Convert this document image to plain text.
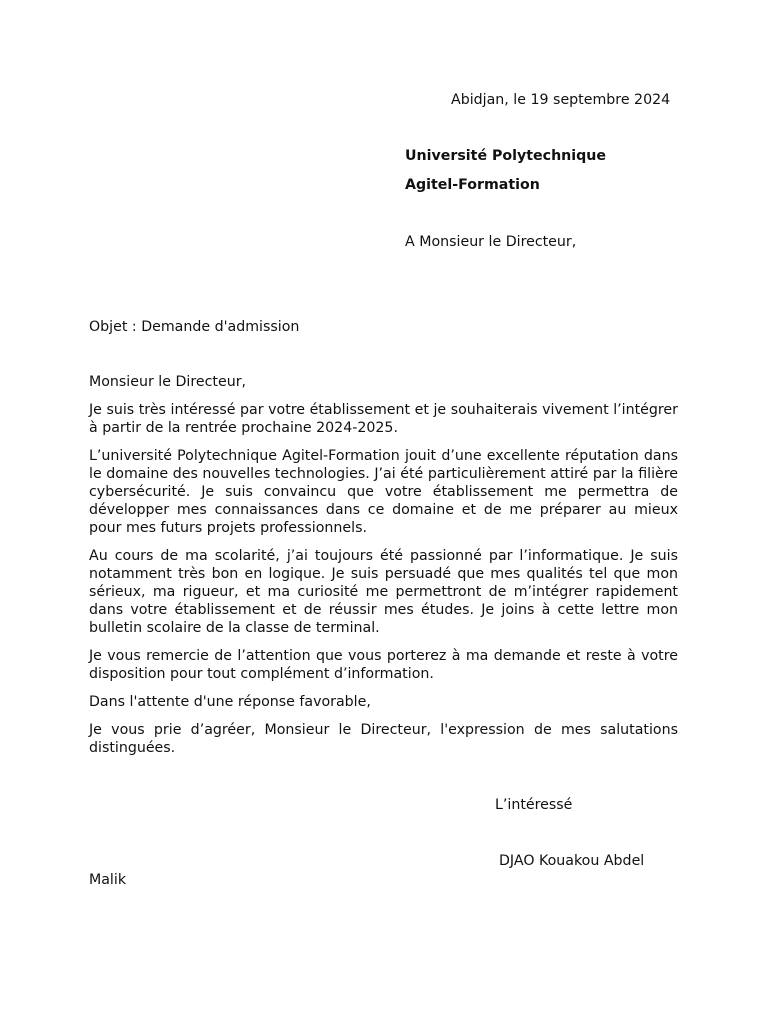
Abidjan, le 19 septembre 2024
Université Polytechnique
Agitel-Formation
A Monsieur le Directeur,
Objet : Demande d'admission

Monsieur le Directeur,

Je suis très intéressé par votre établissement et je souhaiterais vivement l’intégrer à partir de la rentrée prochaine 2024-2025.

L’université Polytechnique Agitel-Formation jouit d’une excellente réputation dans le domaine des nouvelles technologies. J’ai été particulièrement attiré par la filière cybersécurité. Je suis convaincu que votre établissement me permettra de développer mes connaissances dans ce domaine et de me préparer au mieux pour mes futurs projets professionnels.

Au cours de ma scolarité, j’ai toujours été passionné par l’informatique. Je suis notamment très bon en logique. Je suis persuadé que mes qualités tel que mon sérieux, ma rigueur, et ma curiosité me permettront de m’intégrer rapidement dans votre établissement et de réussir mes études. Je joins à cette lettre mon bulletin scolaire de la classe de terminal.

Je vous remercie de l’attention que vous porterez à ma demande et reste à votre disposition pour tout complément d’information.

Dans l'attente d'une réponse favorable,

Je vous prie d’agréer, Monsieur le Directeur, l'expression de mes salutations distinguées.

L’intéressé
DJAO Kouakou Abdel
Malik
